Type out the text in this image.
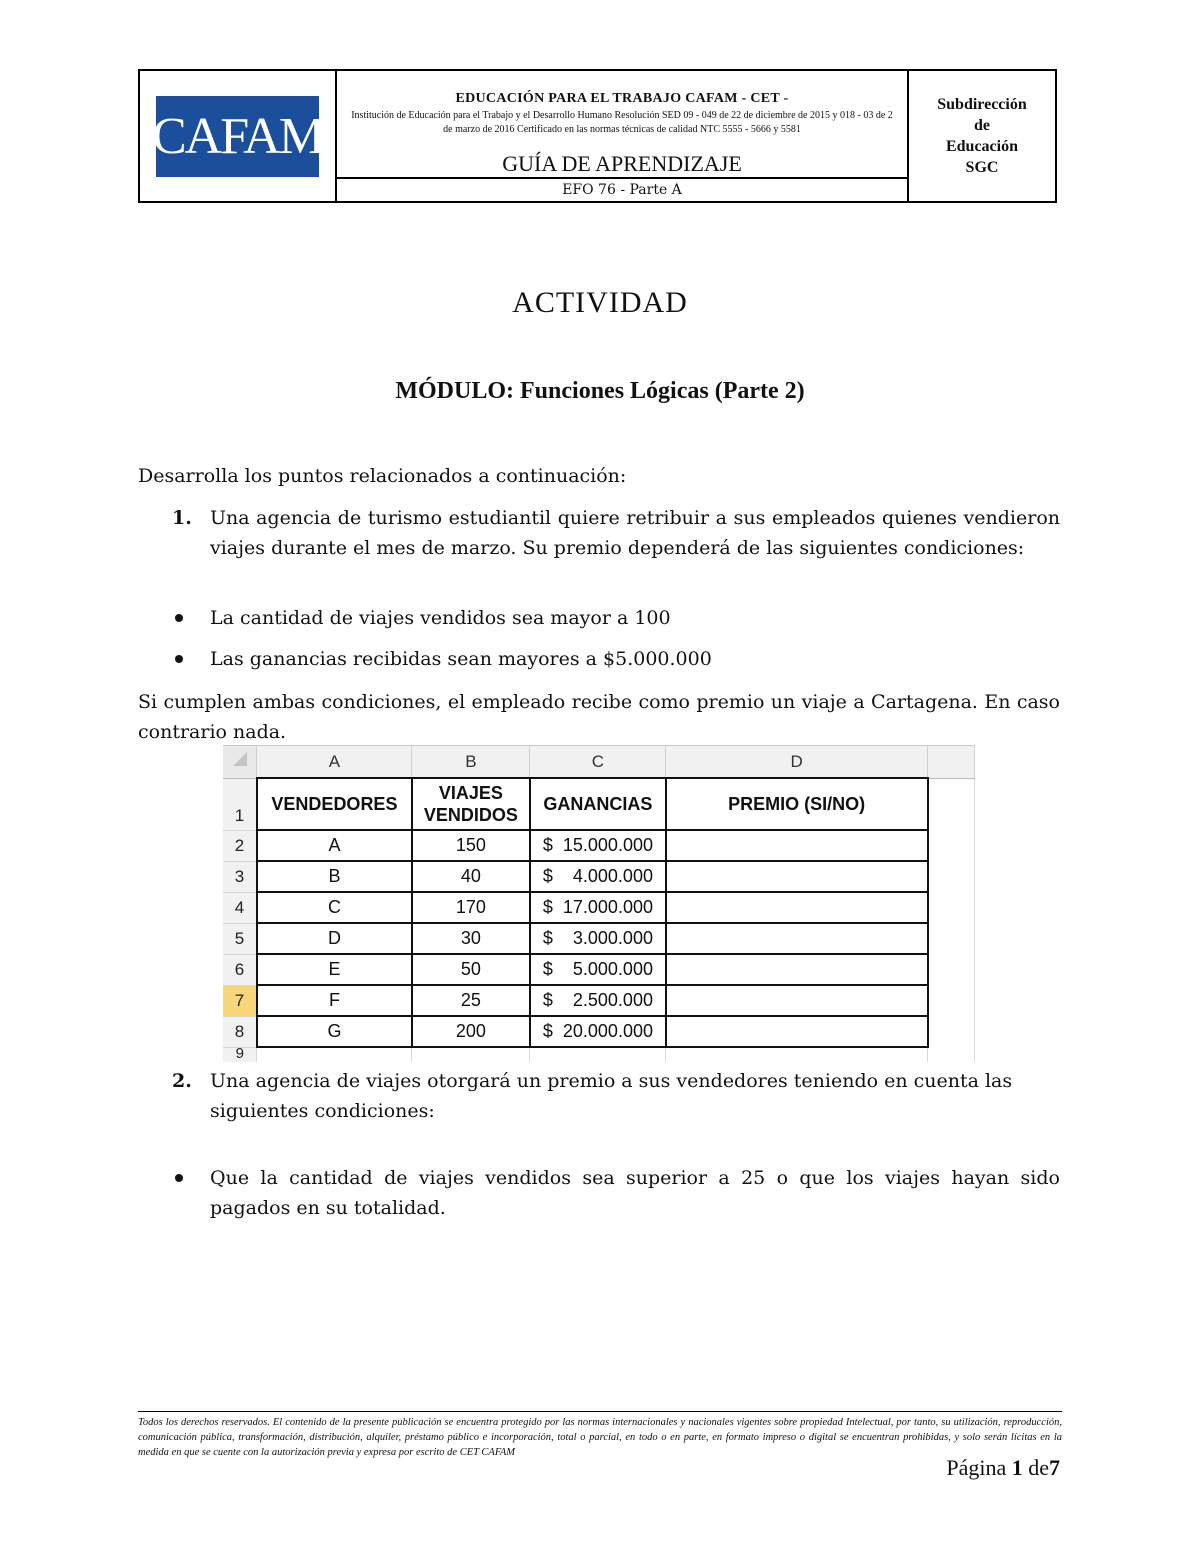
CAFAM
EDUCACIÓN PARA EL TRABAJO CAFAM - CET -
Institución de Educación para el Trabajo y el Desarrollo Humano Resolución SED 09 - 049 de 22 de diciembre de 2015 y 018 - 03 de 2 de marzo de 2016 Certificado en las normas técnicas de calidad NTC 5555 - 5666 y 5581
GUÍA DE APRENDIZAJE
EFO 76 - Parte A
Subdirección
de
Educación
SGC
ACTIVIDAD
MÓDULO: Funciones Lógicas (Parte 2)
Desarrolla los puntos relacionados a continuación:
1. Una agencia de turismo estudiantil quiere retribuir a sus empleados quienes vendieron viajes durante el mes de marzo. Su premio dependerá de las siguientes condiciones:
La cantidad de viajes vendidos sea mayor a 100
Las ganancias recibidas sean mayores a $5.000.000
Si cumplen ambas condiciones, el empleado recibe como premio un viaje a Cartagena. En caso contrario nada.
2. Una agencia de viajes otorgará un premio a sus vendedores teniendo en cuenta las siguientes condiciones:
Que la cantidad de viajes vendidos sea superior a 25 o que los viajes hayan sido pagados en su totalidad.
	A	B	C	D	
1	VENDEDORES	VIAJES
VENDIDOS	GANANCIAS	PREMIO (SI/NO)	
2	A	150	$  15.000.000		
3	B	40	$    4.000.000		
4	C	170	$  17.000.000		
5	D	30	$    3.000.000		
6	E	50	$    5.000.000		
7	F	25	$    2.500.000		
8	G	200	$  20.000.000		
9					
Todos los derechos reservados. El contenido de la presente publicación se encuentra protegido por las normas internacionales y nacionales vigentes sobre propiedad Intelectual, por tanto, su utilización, reproducción, comunicación pública, transformación, distribución, alquiler, préstamo público e incorporación, total o parcial, en todo o en parte, en formato impreso o digital se encuentran prohibidas, y solo serán lícitas en la medida en que se cuente con la autorización previa y expresa por escrito de CET CAFAM
Página 1 de7
